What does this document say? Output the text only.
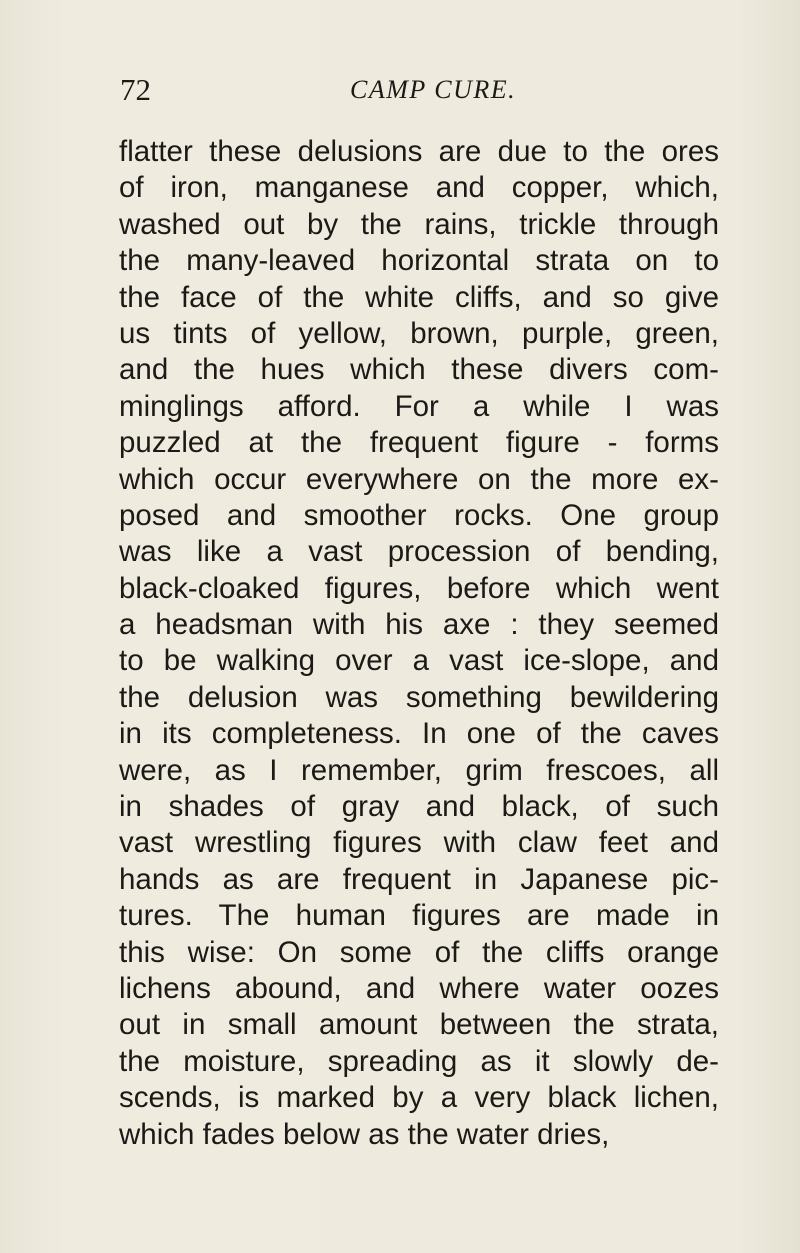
72	CAMP CURE.
flatter these delusions are due to the ores
of iron, manganese and copper, which,
washed out by the rains, trickle through
the many-leaved horizontal strata on to
the face of the white cliffs, and so give
us tints of yellow, brown, purple, green,
and the hues which these divers com-
minglings afford. For a while I was
puzzled at the frequent figure - forms
which occur everywhere on the more ex-
posed and smoother rocks. One group
was like a vast procession of bending,
black-cloaked figures, before which went
a headsman with his axe : they seemed
to be walking over a vast ice-slope, and
the delusion was something bewildering
in its completeness. In one of the caves
were, as I remember, grim frescoes, all
in shades of gray and black, of such
vast wrestling figures with claw feet and
hands as are frequent in Japanese pic-
tures. The human figures are made in
this wise: On some of the cliffs orange
lichens abound, and where water oozes
out in small amount between the strata,
the moisture, spreading as it slowly de-
scends, is marked by a very black lichen,
which fades below as the water dries,
